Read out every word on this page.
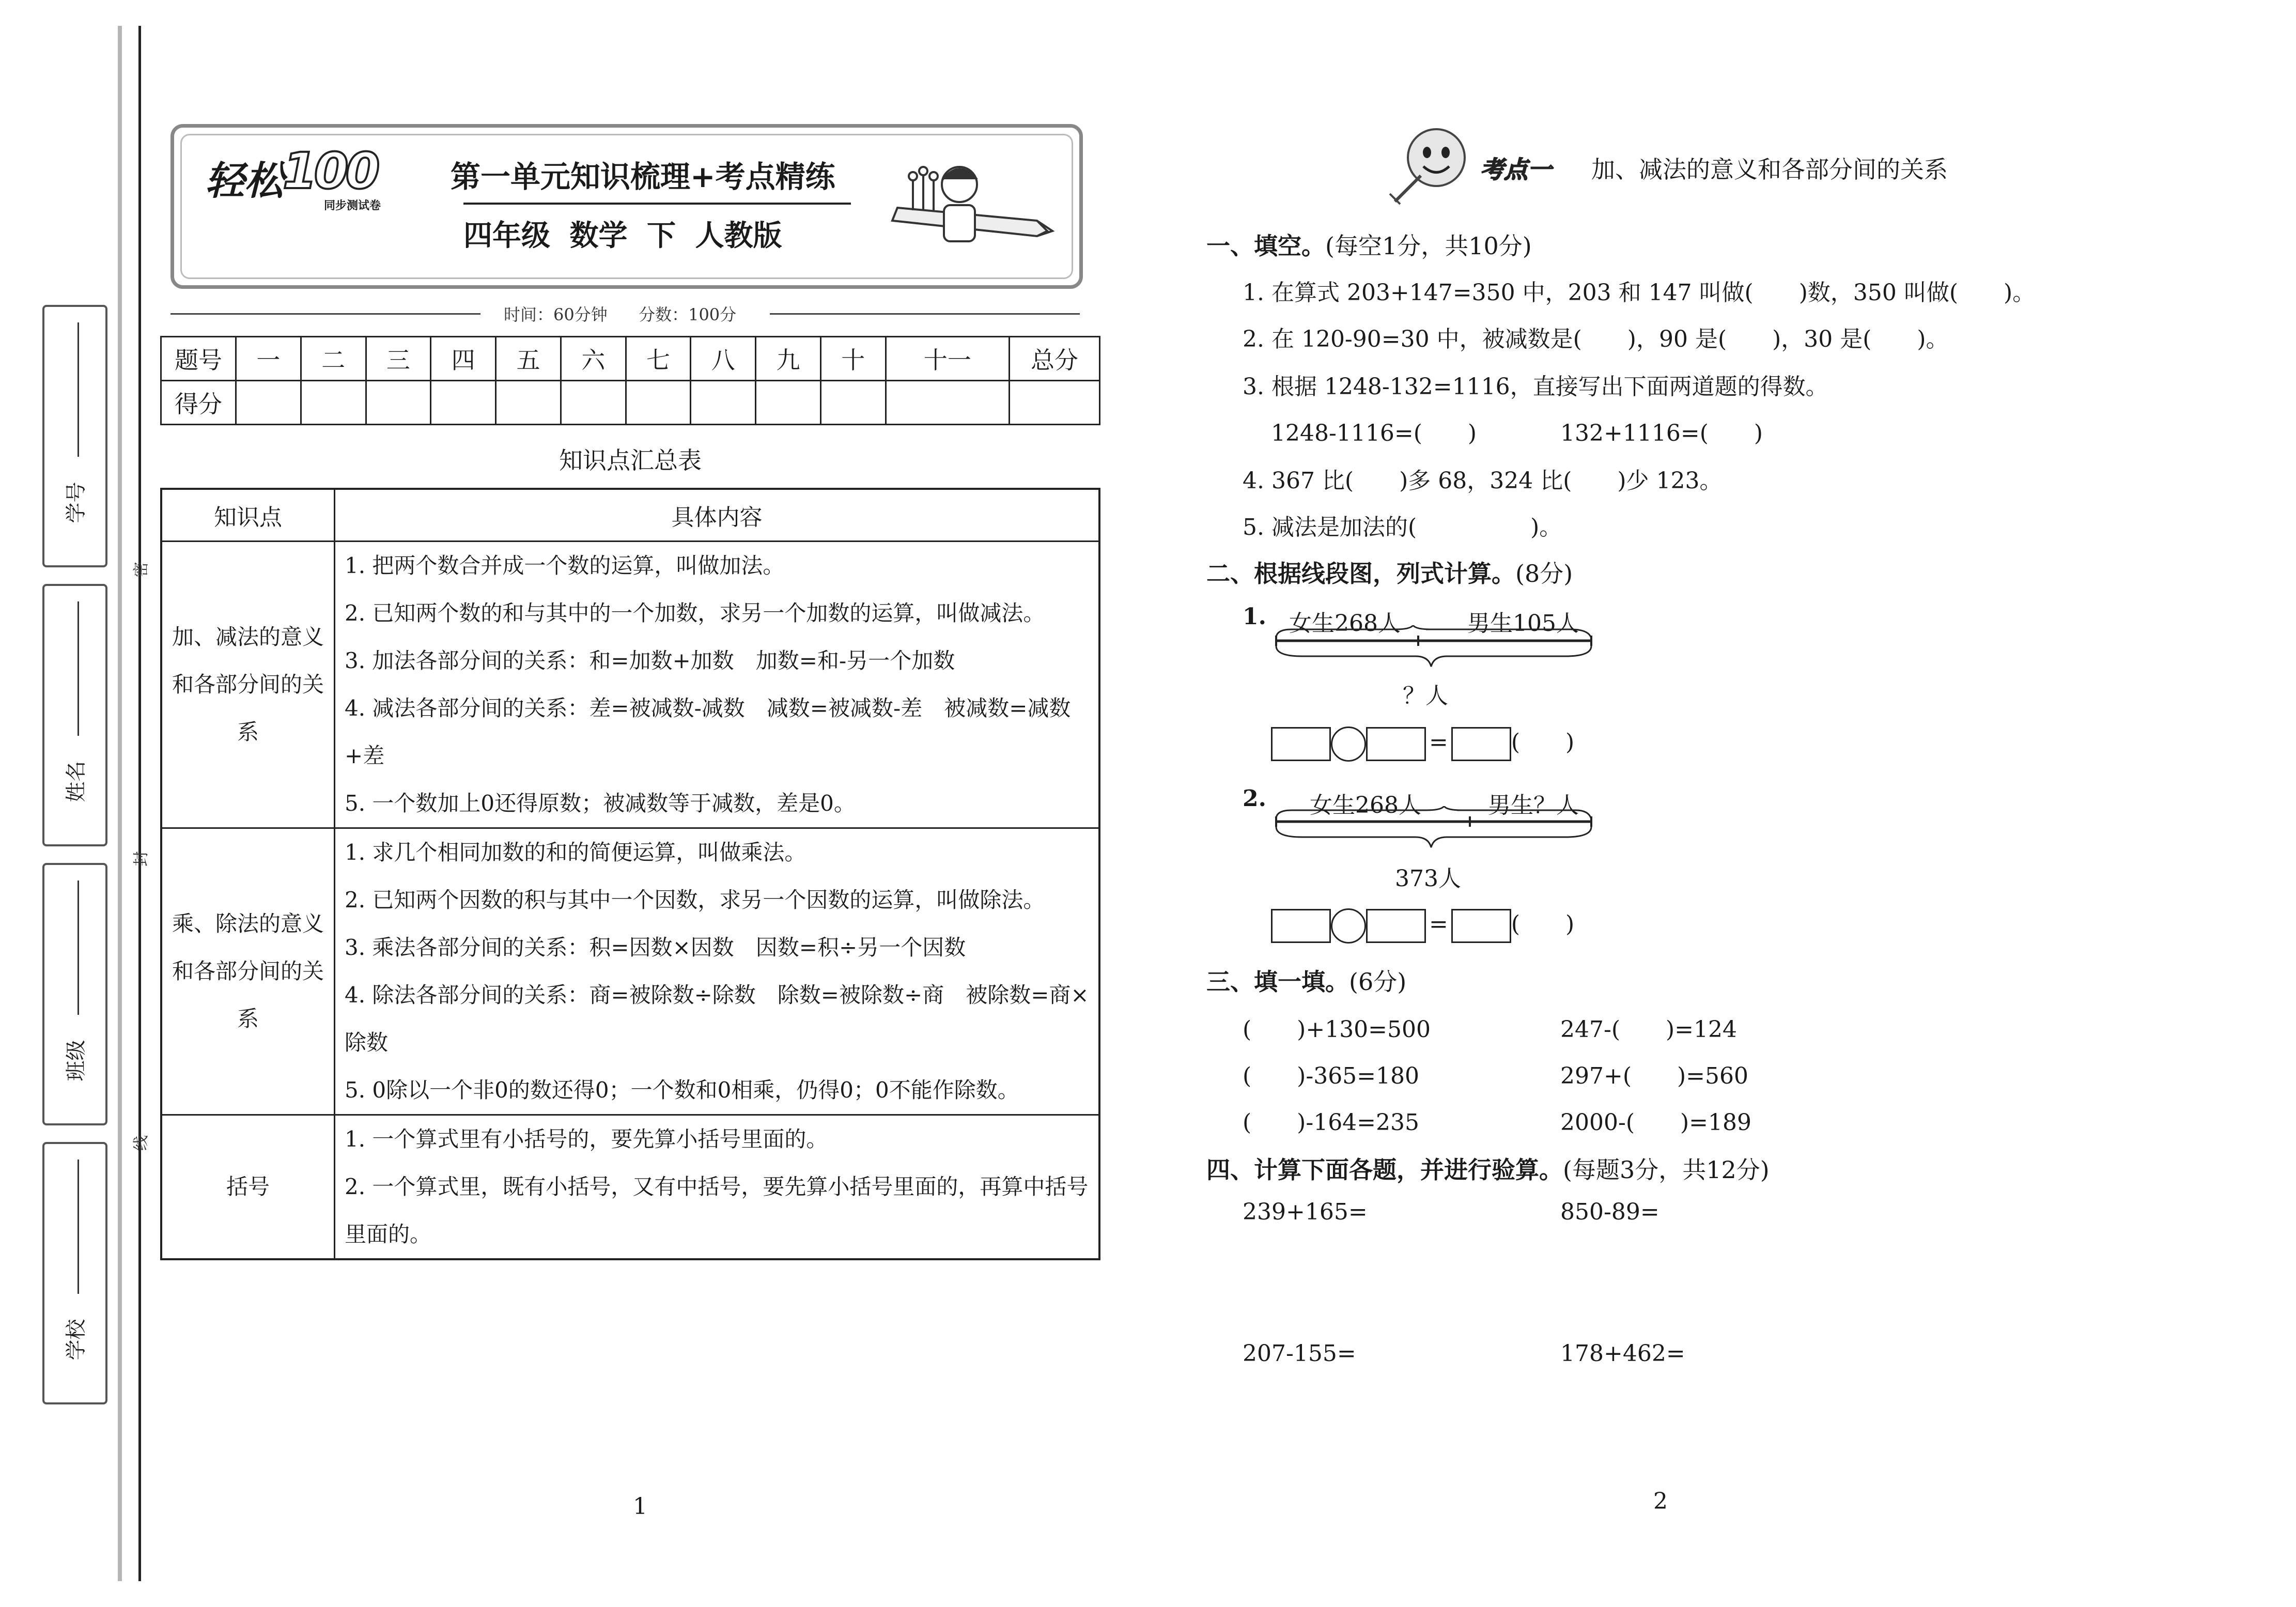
学号
姓名
班级
学校
密
封
线
轻松
100
同步测试卷
第一单元知识梳理+考点精练
四年级 数学 下 人教版
时间：60分钟 分数：100分
题号	一	二	三	四	五	六	七	八	九	十	十一	总分
得分												
知识点汇总表
知识点	具体内容
加、减法的意义和各部分间的关系	1. 把两个数合并成一个数的运算，叫做加法。
2. 已知两个数的和与其中的一个加数，求另一个加数的运算，叫做减法。
3. 加法各部分间的关系：和=加数+加数　加数=和-另一个加数
4. 减法各部分间的关系：差=被减数-减数　减数=被减数-差　被减数=减数+差
5. 一个数加上0还得原数；被减数等于减数，差是0。

乘、除法的意义和各部分间的关系	1. 求几个相同加数的和的简便运算，叫做乘法。
2. 已知两个因数的积与其中一个因数，求另一个因数的运算，叫做除法。
3. 乘法各部分间的关系：积=因数×因数　因数=积÷另一个因数
4. 除法各部分间的关系：商=被除数÷除数　除数=被除数÷商　被除数=商×除数
5. 0除以一个非0的数还得0；一个数和0相乘，仍得0；0不能作除数。

括号	1. 一个算式里有小括号的，要先算小括号里面的。
2. 一个算式里，既有小括号，又有中括号，要先算小括号里面的，再算中括号里面的。
1
考点一 加、减法的意义和各部分间的关系
一、填空。(每空1分，共10分)
1. 在算式 203+147=350 中，203 和 147 叫做(　　)数，350 叫做(　　)。
2. 在 120-90=30 中，被减数是(　　)，90 是(　　)，30 是(　　)。
3. 根据 1248-132=1116，直接写出下面两道题的得数。
1248-1116=(　　)	132+1116=(　　)
4. 367 比(　　)多 68，324 比(　　)少 123。
5. 减法是加法的(　　　　　)。
二、根据线段图，列式计算。(8分)
1. 女生268人	男生105人
？人
=	(　　)
2. 女生268人	男生？人
373人
=	(　　)
三、填一填。(6分)
(　　)+130=500	247-(　　)=124
(　　)-365=180	297+(　　)=560
(　　)-164=235	2000-(　　)=189
四、计算下面各题，并进行验算。(每题3分，共12分)
239+165=	850-89=
207-155=	178+462=
2
